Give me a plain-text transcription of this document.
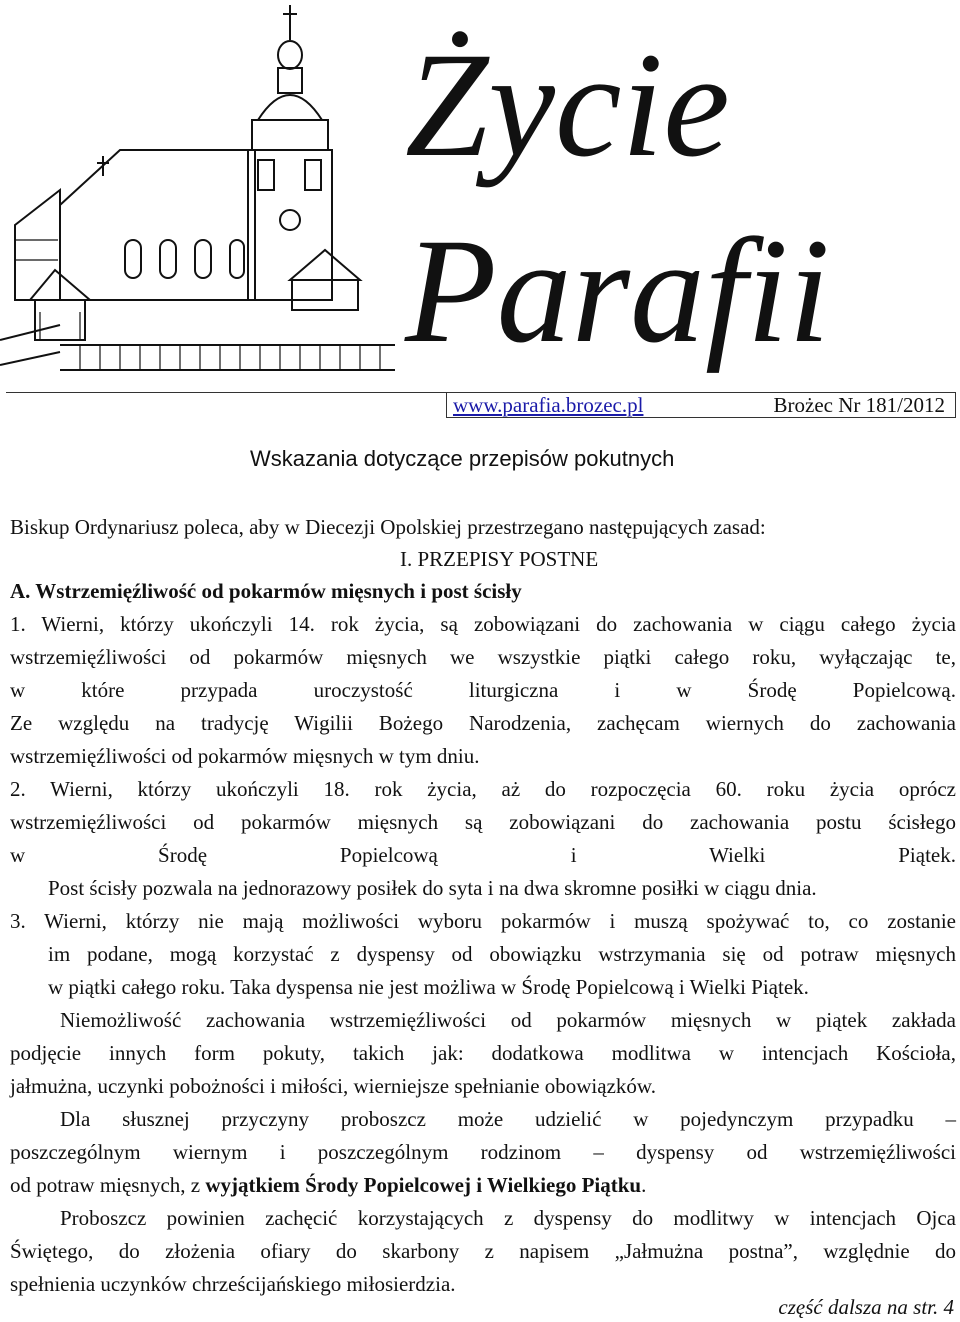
Życie
Parafii
www.parafia.brozec.pl	Brożec Nr 181/2012
Wskazania dotyczące przepisów pokutnych
Biskup Ordynariusz poleca, aby w Diecezji Opolskiej przestrzegano następujących zasad:
I. PRZEPISY POSTNE
A. Wstrzemięźliwość od pokarmów mięsnych i post ścisły
1. Wierni, którzy ukończyli 14. rok życia, są zobowiązani do zachowania w ciągu całego życia
wstrzemięźliwości od pokarmów mięsnych we wszystkie piątki całego roku, wyłączając te,
w które przypada uroczystość liturgiczna i w Środę Popielcową.
Ze względu na tradycję Wigilii Bożego Narodzenia, zachęcam wiernych do zachowania
wstrzemięźliwości od pokarmów mięsnych w tym dniu.
2. Wierni, którzy ukończyli 18. rok życia, aż do rozpoczęcia 60. roku życia oprócz
wstrzemięźliwości od pokarmów mięsnych są zobowiązani do zachowania postu ścisłego
w Środę Popielcową i Wielki Piątek.
Post ścisły pozwala na jednorazowy posiłek do syta i na dwa skromne posiłki w ciągu dnia.
3. Wierni, którzy nie mają możliwości wyboru pokarmów i muszą spożywać to, co zostanie
im podane, mogą korzystać z dyspensy od obowiązku wstrzymania się od potraw mięsnych
w piątki całego roku. Taka dyspensa nie jest możliwa w Środę Popielcową i Wielki Piątek.
Niemożliwość zachowania wstrzemięźliwości od pokarmów mięsnych w piątek zakłada
podjęcie innych form pokuty, takich jak: dodatkowa modlitwa w intencjach Kościoła,
jałmużna, uczynki pobożności i miłości, wierniejsze spełnianie obowiązków.
Dla słusznej przyczyny proboszcz może udzielić w pojedynczym przypadku –
poszczególnym wiernym i poszczególnym rodzinom – dyspensy od wstrzemięźliwości
od potraw mięsnych, z wyjątkiem Środy Popielcowej i Wielkiego Piątku.
Proboszcz powinien zachęcić korzystających z dyspensy do modlitwy w intencjach Ojca
Świętego, do złożenia ofiary do skarbony z napisem „Jałmużna postna”, względnie do
spełnienia uczynków chrześcijańskiego miłosierdzia.
część dalsza na str. 4
